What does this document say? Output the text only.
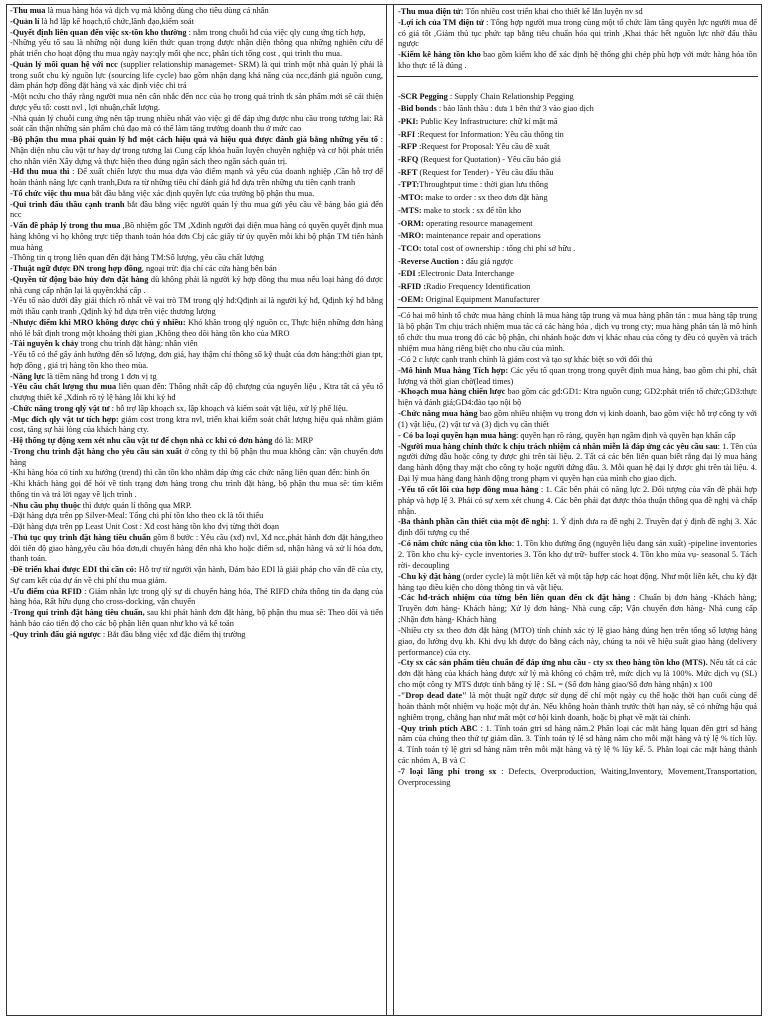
-Thu mua là mua hàng hóa và dịch vụ mà không dùng cho tiêu dùng cá nhân

-Quản lí là hđ lập kế hoạch,tổ chức,lãnh đạo,kiểm soát

-Quyết định liên quan đến việc sx-tồn kho thường : nằm trong chuỗi hđ của việc qly cung ứng tích hợp,

-Những yếu tố sau là những nội dung kiến thức quan trọng được nhận diện thông qua những nghiên cứu để phát triển cho hoạt động thu mua ngày nay:qly mối qhe ncc, phân tích tổng cost , qui trình thu mua.

-Quản lý mối quan hệ với ncc (supplier relationship managemet- SRM) là qui trình một nhà quản lý phải là trong suốt chu kỳ nguồn lực (sourcing life cycle) bao gồm nhận dạng khả năng của ncc,đánh giá nguồn cung, đàm phán hợp đồng đặt hàng và xác định việc chi trả

-Một ncứu cho thấy rằng người mua nên cân nhắc đến ncc của họ trong quá trình tk sản phẩm mới sẽ cải thiện được yếu tố: costt nvl , lợi nhuận,chất lượng.

-Nhà quản lý chuỗi cung ứng nên tập trung nhiều nhất vào việc gì để đáp ứng được nhu cầu trong tương lai: Rà soát cẩn thận những sản phẩm chủ đạo mà có thể làm tăng trưởng doanh thu ở mức cao

-Bộ phận thu mua phải quản lý hđ một cách hiệu quả và hiệu quả được đánh giá bằng những yếu tố : Nhận diện nhu cầu vật tư hay dự trong tương lai Cung cấp khóa huấn luyện chuyên nghiệp và cơ hội phát triển cho nhân viên Xây dựng và thực hiện theo đúng ngân sách theo ngân sách quản trị.

-Hđ thu mua thì : Để xuất chiến lược thu mua dựa vào điểm mạnh và yếu của doanh nghiệp ,Cần hỗ trợ để hoàn thành năng lực cạnh tranh,Đưa ra từ những tiêu chí đánh giá hđ dựa trên những ưu tiên cạnh tranh

-Tổ chức việc thu mua bắt đầu bằng việc xác định quyền lực của trưởng bộ phận thu mua.

-Qui trình đấu thầu cạnh tranh bắt đầu bằng việc người quản lý thu mua gửi yêu cầu về bảng báo giá đến ncc

-Vấn đề pháp lý trong thu mua ,Bồ nhiệm gốc TM ,Xđinh người đại diện mua hàng có quyền quyết định mua hàng không vì họ không trực tiếp thanh toán hóa đơn Cbj các giấy từ ủy quyền mỗi khi bộ phận TM tiến hành mua hàng

-Thông tin q trọng liên quan đến đặt hàng TM:Số lượng, yêu cầu chất lượng

-Thuật ngữ được ĐN trong hợp đồng, ngoại trừ: địa chỉ các cửa hàng bên bán

-Quyền từ động bảo hủy đơn đặt hàng dù không phải là người ký hợp đồng thu mua nếu loại hàng đó được nhà cung cấp nhận lại là quyền:khá cấp .

-Yếu tố nào dưới đây giải thích rõ nhất về vai trò TM trong qlý hđ:Qđịnh ai là người ký hđ, Qđịnh ký hđ bằng mời thầu cạnh tranh ,Qđịnh ký hđ dựa trên việc thương lượng

-Nhược điểm khi MRO không được chú ý nhiều: Khó khăn trong qlý nguồn cc, Thực hiện những đơn hàng nhỏ lẻ bất định trong một khoảng thời gian ,Không theo dõi hàng tồn kho của MRO

-Tài nguyên k chảy trong chu trình đặt hàng: nhân viên

-Yếu tố có thể gây ảnh hưởng đến số lượng, đơn giá, hay thậm chí thông số kỹ thuật của đơn hàng:thời gian tpt, hợp đồng , giá trị hàng tồn kho theo mùa.

-Năng lực là tiềm năng hđ trong 1 đơn vị tg

-Yêu cầu chất lượng thu mua liên quan đến: Thống nhất cấp độ chượng của nguyên liệu , Ktra tất cả yếu tố chượng thiết kế ,Xđinh rõ tỷ lệ hàng lỗi khi ký hđ

-Chức năng trong qlý vật tư : hỗ trợ lập khoạch sx, lập khoạch và kiểm soát vật liệu, xử lý phế liệu.

-Mục đích qly vật tư tích hợp: giảm cost trong ktra nvl, triển khai kiểm soát chất lượng hiệu quả nhằm giảm cost, tăng sự hài lòng của khách hàng cty.

-Hệ thống tự động xem xét nhu cầu vật tư để chọn nhà cc khi có đơn hàng đó là: MRP

-Trong chu trình đặt hàng cho yêu cầu sản xuất ở công ty thì bộ phận thu mua không cần: vận chuyển đơn hàng

-Khi hàng hóa có tính xu hướng (trend) thì cần tồn kho nhằm đáp ứng các chức năng liên quan đến: bình ổn

-Khi khách hàng gọi để hỏi về tình trạng đơn hàng trong chu trình đặt hàng, bộ phận thu mua sẽ: tìm kiếm thông tin và trả lời ngay về lịch trình .

-Nhu cầu phụ thuộc thì được quản lí thông qua MRP.

-Đặt hàng dựa trên pp Silver-Meal: Tổng chi phí tồn kho theo ck là tối thiểu

-Đặt hàng dựa trên pp Least Unit Cost : Xđ cost hàng tồn kho đvị từng thời đoạn

-Thủ tục quy trình đặt hàng tiêu chuẩn gồm 8 bước : Yêu cầu (xđ) nvl, Xđ ncc,phát hành đơn đặt hàng,theo dõi tiến độ giao hàng,yêu cầu hóa đơn,di chuyển hàng đến nhà kho hoặc điểm sd, nhận hàng và xử lí hóa đơn, thanh toán.

-Đề triển khai được EDI thì cần có: Hỗ trợ từ người vận hành, Đảm bảo EDI là giải pháp cho vấn đề của cty, Sự cam kết của dự án về chi phí thu mua giảm.

-Ưu điểm của RFID : Giảm nhân lực trong qlý sự di chuyển hàng hóa, Thẻ RIFD chứa thông tin đa dạng của hàng hóa, Rất hữu dụng cho cross-docking, vận chuyển

-Trong qui trình đặt hàng tiêu chuẩn, sau khi phát hành đơn đặt hàng, bộ phận thu mua sẽ: Theo dõi và tiến hành báo cáo tiến độ cho các bộ phận liên quan như kho và kế toán

-Quy trình đấu giá ngược : Bắt đầu bằng việc xđ đặc điểm thị trường

-Thu mua điện tử: Tốn nhiều cost triển khai cho thiết kế lắn luyện nv sd

-Lợi ích của TM điện tử : Tổng hợp người mua trong cùng một tổ chức làm tăng quyền lực người mua để có giá tốt ,Giảm thủ tục phức tạp bằng tiêu chuẩn hóa qui trình ,Khai thác hết nguồn lực nhờ đấu thầu ngược

-Kiểm kê hàng tồn kho bao gồm kiểm kho để xác định hệ thống ghi chép phù hợp với mức hàng hóa tồn kho thực tế là đúng .

-SCR Pegging : Supply Chain Relationship Pegging

-Bid bonds : bảo lãnh thầu : đưa 1 bên thứ 3 vào giao dịch

-PKI: Public Key Infrastructure: chữ kí mật mã

-RFI :Request for Information: Yêu cầu thông tin

-RFP :Request for Proposal: Yêu cầu đề xuất

-RFQ (Request for Quotation) - Yêu cầu báo giá

-RFT (Request for Tender) - Yêu cầu đấu thầu

-TPT:Throughtput time : thời gian lưu thông

-MTO: make to order : sx theo đơn đặt hàng

-MTS: make to stock : sx để tồn kho

-ORM: operating resource management

-MRO: maintenance repair and operations

-TCO: total cost of ownership : tổng chi phí sở hữu .

-Reverse Auction : đấu giá ngược

-EDI :Electronic Data Interchange

-RFID :Radio Frequency Identification

-OEM: Original Equipment Manufacturer

-Có hai mô hình tổ chức mua hàng chính là mua hàng tập trung và mua hàng phân tán : mua hàng tập trung là bộ phận Tm chịu trách nhiệm mua tác cả các hàng hóa , dịch vụ trong cty; mua hàng phân tán là mô hình tổ chức thu mua trong đó các bộ phận, chi nhánh hoặc đơn vị khác nhau của công ty đều có quyền và trách nhiệm mua hàng riêng biệt cho nhu cầu của mình.

-Có 2 c lược cạnh tranh chính là giảm cost và tạo sự khác biệt so với đối thủ

-Mô hình Mua hàng Tích hợp: Các yếu tố quan trọng trong quyết định mua hàng, bao gồm chi phí, chất lượng và thời gian chờ(lead times)

-Khoạch mua hàng chiến lược bao gồm các gđ:GD1: Ktra nguồn cung; GD2:phát triển tổ chức;GD3:thực hiện và đánh giá;GD4:đào tạo nội bộ

-Chức năng mua hàng bao gồm nhiều nhiệm vụ trong đơn vị kinh doanh, bao gồm việc hỗ trợ công ty với (1) vật liệu, (2) vật tư và (3) dịch vụ cần thiết

- Có ba loại quyền hạn mua hàng: quyền hạn rõ ràng, quyền hạn ngầm định và quyền hạn khẩn cấp

-Người mua hàng chính thức k chịu trách nhiệm cá nhân miễn là đáp ứng các yêu cầu sau: 1. Tên của người đứng đầu hoặc công ty được ghi trên tài liệu. 2. Tất cả các bên liên quan biết rằng đại lý mua hàng đang hành động thay mặt cho công ty hoặc người đứng đầu. 3. Mỗi quan hệ đại lý được ghi trên tài liệu. 4. Đại lý mua hàng đang hành động trong phạm vi quyền hạn của mình cho giao dịch.

-Yếu tố cốt lõi của hợp đồng mua hàng : 1. Các bên phải có năng lực 2. Đối tượng của vấn đề phải hợp pháp và hợp lệ 3. Phải có sự xem xét chung 4. Các bên phải đạt được thỏa thuận thông qua đề nghị và chấp nhận.

-Ba thành phần cần thiết của một đề nghị: 1. Ý định đưa ra đề nghị 2. Truyền đạt ý định đề nghị 3. Xác định đối tượng cụ thể

-Có năm chức năng của tồn kho: 1. Tồn kho đường ống (nguyên liệu đang sản xuất) -pipeline inventories 2. Tồn kho chu kỳ- cycle inventories 3. Tồn kho dự trữ- buffer stock 4. Tồn kho mùa vụ- seasonal 5. Tách rời- decoupling

-Chu kỳ đặt hàng (order cycle) là một liên kết và một tập hợp các hoạt động. Như một liên kết, chu kỳ đặt hàng tạo điều kiện cho dòng thông tin và vật liệu.

-Các hđ-trách nhiệm của từng bên liên quan đến ck đặt hàng : Chuẩn bị đơn hàng -Khách hàng; Truyền đơn hàng- Khách hàng; Xử lý đơn hàng- Nhà cung cấp; Vận chuyển đơn hàng- Nhà cung cấp ;Nhận đơn hàng- Khách hàng

-Nhiều cty sx theo đơn đặt hàng (MTO) tính chính xác tỷ lệ giao hàng đúng hẹn trên tổng số lượng hàng giao, đo lường dvụ kh. Khi dvụ kh được đo bằng cách này, chúng ta nói về hiệu suất giao hàng (delivery performance) của cty.

-Cty sx các sản phẩm tiêu chuẩn để đáp ứng nhu cầu - cty sx theo hàng tồn kho (MTS). Nếu tất cả các đơn đặt hàng của khách hàng được xử lý mà không có chậm trễ, mức dịch vụ là 100%. Mức dịch vụ (SL) cho một công ty MTS được tính bằng tỷ lệ : SL = (Số đơn hàng giao/Số đơn hàng nhận) x 100

-"Drop dead date" là một thuật ngữ được sử dụng để chỉ một ngày cụ thể hoặc thời hạn cuối cùng để hoàn thành một nhiệm vụ hoặc một dự án. Nếu không hoàn thành trước thời hạn này, sẽ có những hậu quả nghiêm trọng, chẳng hạn như mất một cơ hội kinh doanh, hoặc bị phạt về mặt tài chính.

-Quy trình ptích ABC : 1. Tính toán gtri sd hàng năm.2 Phân loại các mặt hàng lquan đến gtri sd hàng năm của chúng theo thứ tự giảm dần. 3. Tính toán tỷ lệ sd hàng năm cho mỗi mặt hàng và tỷ lệ % tích lũy. 4. Tính toán tỷ lệ gtri sd hàng năm trên mỗi mặt hàng và tỷ lệ % lũy kế. 5. Phân loại các mặt hàng thành các nhóm A, B và C

-7 loại lãng phí trong sx : Defects, Overproduction, Waiting,Inventory, Movement,Transportation, Overprocessing
